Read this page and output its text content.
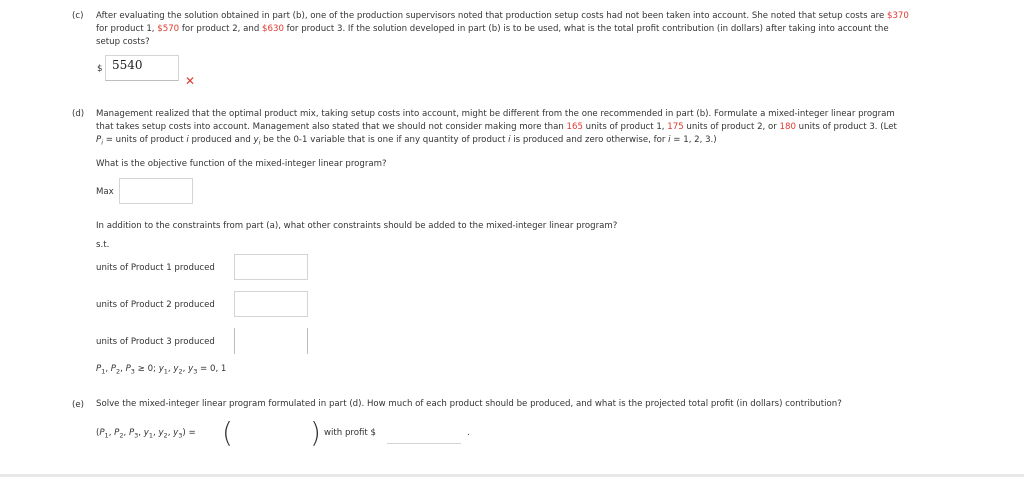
(c) After evaluating the solution obtained in part (b), one of the production supervisors noted that production setup costs had not been taken into account. She noted that setup costs are $370
for product 1, $570 for product 2, and $630 for product 3. If the solution developed in part (b) is to be used, what is the total profit contribution (in dollars) after taking into account the
setup costs?
$ 5540
✕
(d) Management realized that the optimal product mix, taking setup costs into account, might be different from the one recommended in part (b). Formulate a mixed-integer linear program
that takes setup costs into account. Management also stated that we should not consider making more than 165 units of product 1, 175 units of product 2, or 180 units of product 3. (Let
$P_i$ = units of product i produced and $y_i$ be the 0-1 variable that is one if any quantity of product i is produced and zero otherwise, for i = 1, 2, 3.)
What is the objective function of the mixed-integer linear program?
Max
In addition to the constraints from part (a), what other constraints should be added to the mixed-integer linear program?
s.t.
units of Product 1 produced
units of Product 2 produced
units of Product 3 produced
$P_1$, $P_2$, $P_3 \ge 0$; $y_1$, $y_2$, $y_3 = 0$, 1
(e) Solve the mixed-integer linear program formulated in part (d). How much of each product should be produced, and what is the projected total profit (in dollars) contribution?
($P_1$, $P_2$, $P_3$, $y_1$, $y_2$, $y_3$) = (	) with profit $	.
